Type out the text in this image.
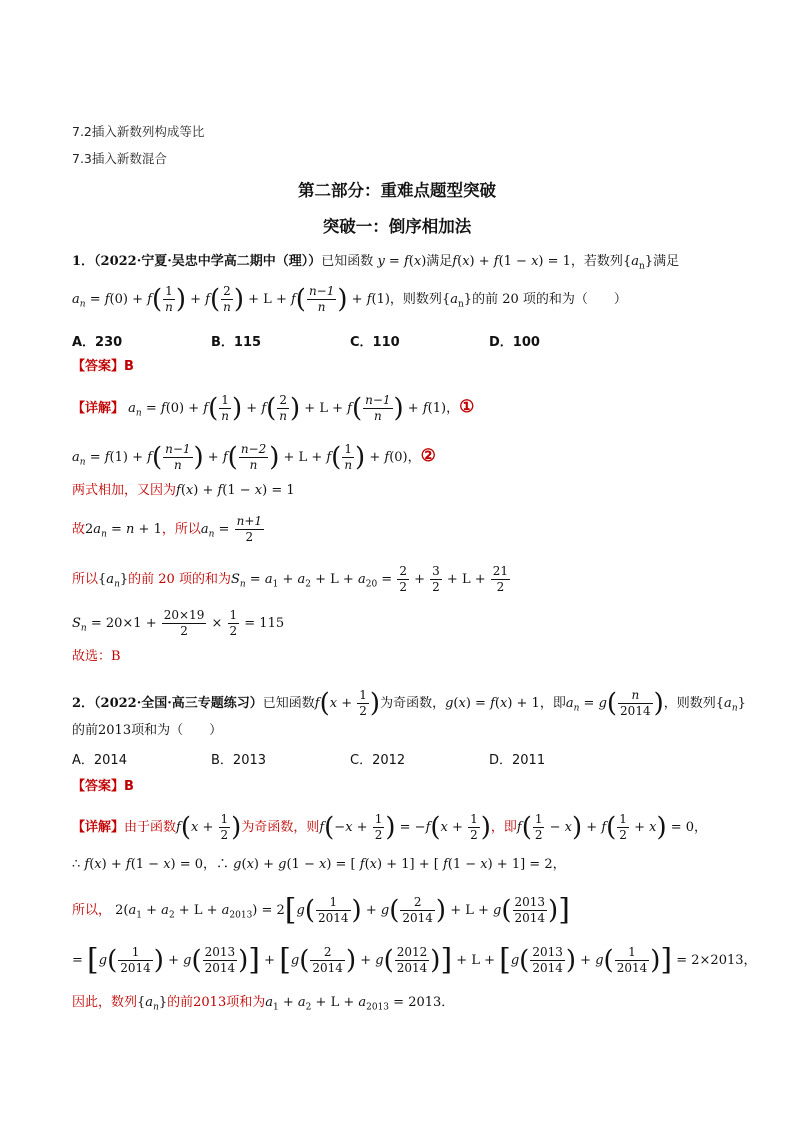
7.2插入新数列构成等比
7.3插入新数混合
第二部分：重难点题型突破
突破一：倒序相加法
1．（2022·宁夏·吴忠中学高二期中（理））已知函数 y = f(x)满足f(x) + f(1 − x) = 1，若数列$\{a_n\}$满足
$a_n = f(0) + f( \frac{1}{n}$ ) + $f( \frac{2}{n}$ ) + $L + f( \frac{n-1}{n}$ ) + f(1)，则数列$\{a_n\}$的前 20 项的和为（　　）
A．230	B．115	C．110	D．100
【答案】B
【详解】 $a_n = f(0) + f( \frac{1}{n}$ ) + $f( \frac{2}{n}$ ) + $L + f( \frac{n-1}{n}$ ) + f(1)，①
$a_n = f(1) + f( \frac{n-1}{n}$ ) + $f( \frac{n-2}{n}$ ) + $L + f( \frac{1}{n}$ ) + f(0)，②
两式相加，又因为f(x) + f(1 − x) = 1
故$2a_n = n + 1$，所以$a_n = \frac{n+1}{2}$
所以$\{a_n\}$的前 20 项的和为$S_n = a_1 + a_2 + L + a_{20} = \frac{2}{2} + \frac{3}{2} + L + \frac{21}{2}$
$S_n = 20\times 1 + \frac{20\times 19}{2} \times \frac{1}{2} = 115$
故选：B
2．（2022·全国·高三专题练习）已知函数$f(x + \frac{1}{2}$ )为奇函数，g(x) = f(x) + 1，即$a_n = g( \frac{n}{2014}$ )，则数列$\{a_n\}$
的前2013项和为（　　）
A．2014	B．2013	C．2012	D．2011
【答案】B
【详解】由于函数$f(x + \frac{1}{2}$ )为奇函数，则$f(-x + \frac{1}{2}$ ) = $-f(x + \frac{1}{2}$ )，即$f( \frac{1}{2} - x) + f( \frac{1}{2} + x) = 0$，
∴ f(x) + f(1 − x) = 0，∴ g(x) + g(1 − x) = [ f(x) + 1] + [ f(1 − x) + 1] = 2，
所以， $2(a_1 + a_2 + L + a_{2013}) = 2[g( \frac{1}{2014}$ ) + $g( \frac{2}{2014}$ ) + $L + g( \frac{2013}{2014}$ )]
= [$g( \frac{1}{2014}$ ) + $g( \frac{2013}{2014}$ )] + [$g( \frac{2}{2014}$ ) + $g( \frac{2012}{2014}$ )] + $L + [g( \frac{2013}{2014}$ ) + $g( \frac{1}{2014}$ )] = 2×2013，
因此，数列$\{a_n\}$的前2013项和为$a_1 + a_2 + L + a_{2013} = 2013$．
